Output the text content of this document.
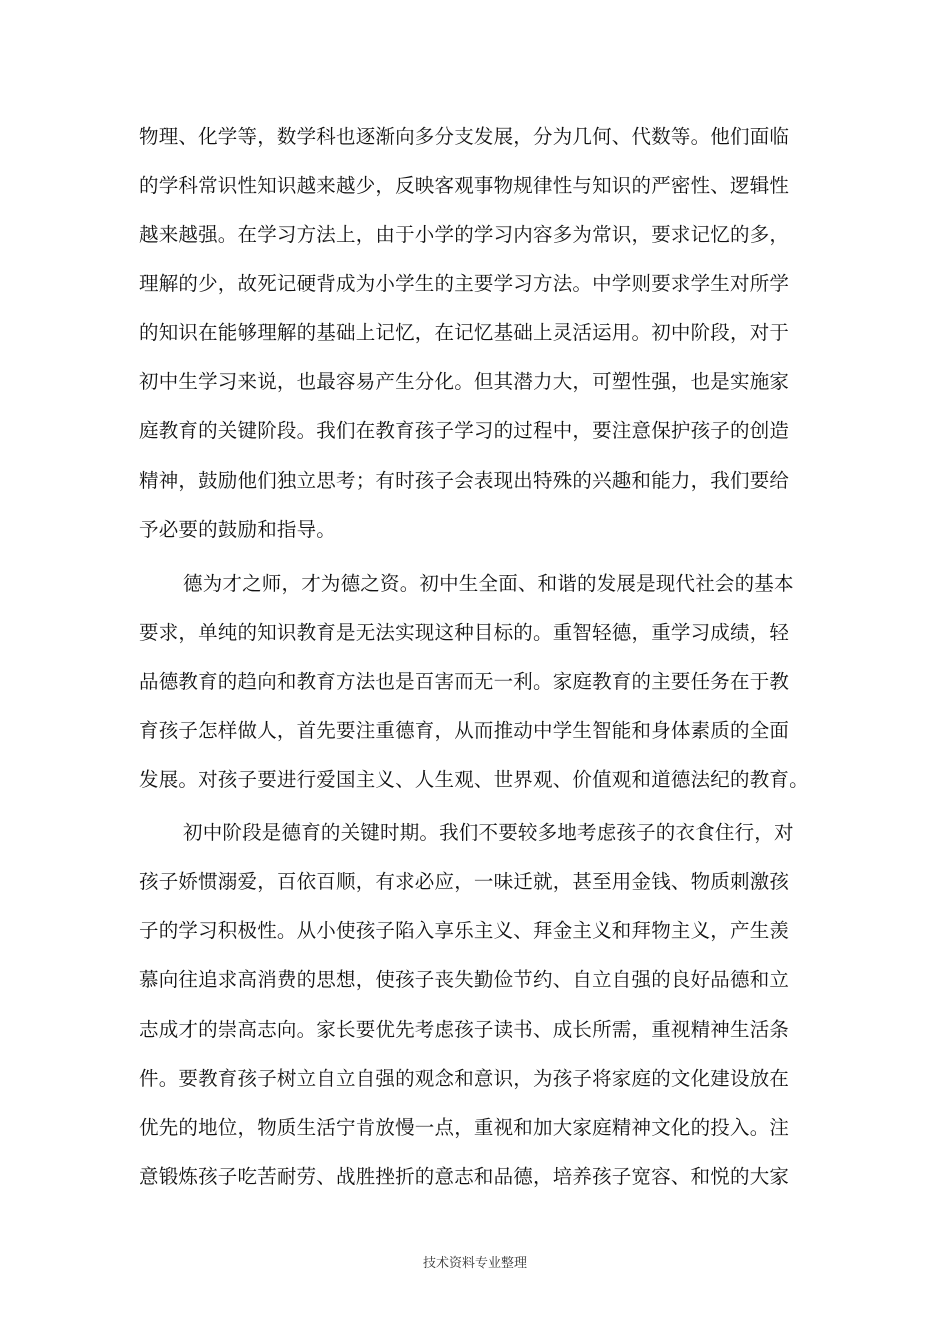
物理、化学等，数学科也逐渐向多分支发展，分为几何、代数等。他们面临
的学科常识性知识越来越少，反映客观事物规律性与知识的严密性、逻辑性
越来越强。在学习方法上，由于小学的学习内容多为常识，要求记忆的多，
理解的少，故死记硬背成为小学生的主要学习方法。中学则要求学生对所学
的知识在能够理解的基础上记忆，在记忆基础上灵活运用。初中阶段，对于
初中生学习来说，也最容易产生分化。但其潜力大，可塑性强，也是实施家
庭教育的关键阶段。我们在教育孩子学习的过程中，要注意保护孩子的创造
精神，鼓励他们独立思考；有时孩子会表现出特殊的兴趣和能力，我们要给
予必要的鼓励和指导。
德为才之师，才为德之资。初中生全面、和谐的发展是现代社会的基本
要求，单纯的知识教育是无法实现这种目标的。重智轻德，重学习成绩，轻
品德教育的趋向和教育方法也是百害而无一利。家庭教育的主要任务在于教
育孩子怎样做人，首先要注重德育，从而推动中学生智能和身体素质的全面
发展。对孩子要进行爱国主义、人生观、世界观、价值观和道德法纪的教育。
初中阶段是德育的关键时期。我们不要较多地考虑孩子的衣食住行，对
孩子娇惯溺爱，百依百顺，有求必应，一味迁就，甚至用金钱、物质刺激孩
子的学习积极性。从小使孩子陷入享乐主义、拜金主义和拜物主义，产生羡
慕向往追求高消费的思想，使孩子丧失勤俭节约、自立自强的良好品德和立
志成才的崇高志向。家长要优先考虑孩子读书、成长所需，重视精神生活条
件。要教育孩子树立自立自强的观念和意识，为孩子将家庭的文化建设放在
优先的地位，物质生活宁肯放慢一点，重视和加大家庭精神文化的投入。注
意锻炼孩子吃苦耐劳、战胜挫折的意志和品德，培养孩子宽容、和悦的大家
技术资料专业整理
